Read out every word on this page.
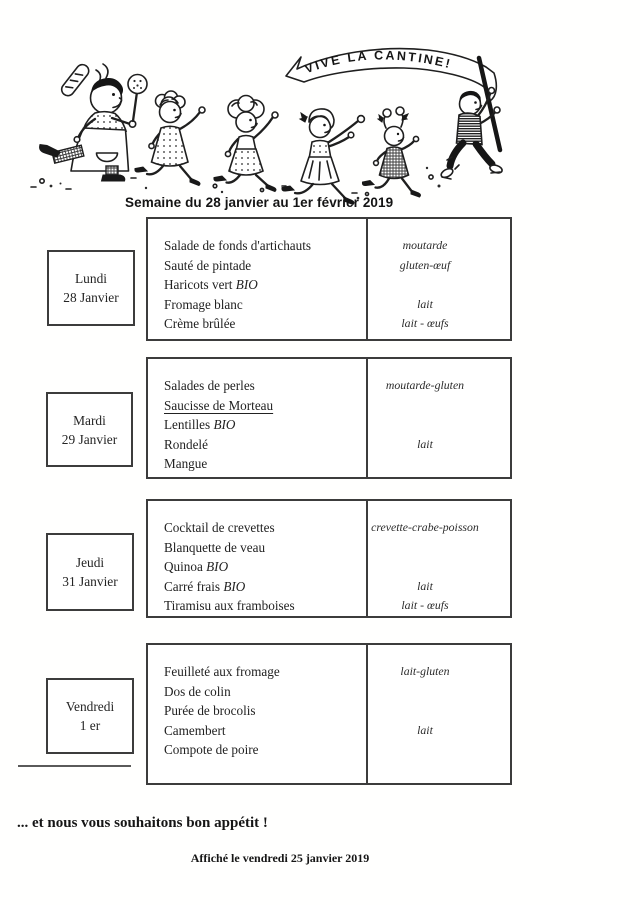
VIVE LA CANTINE!
Semaine du 28 janvier au 1er février 2019
Lundi
28 Janvier
Salade de fonds d'artichauts
Sauté de pintade
Haricots vert BIO
Fromage blanc
Crème brûlée
moutarde
gluten-œuf
lait
lait - œufs
Mardi
29 Janvier
Salades de perles
Saucisse de Morteau
Lentilles BIO
Rondelé
Mangue
moutarde-gluten
lait
Jeudi
31 Janvier
Cocktail de crevettes
Blanquette de veau
Quinoa BIO
Carré frais BIO
Tiramisu aux framboises
crevette-crabe-poisson
lait
lait - œufs
Vendredi
1 er
Feuilleté aux fromage
Dos de colin
Purée de brocolis
Camembert
Compote de poire
lait-gluten
lait
... et nous vous souhaitons bon appétit !
Affiché le vendredi 25 janvier 2019
